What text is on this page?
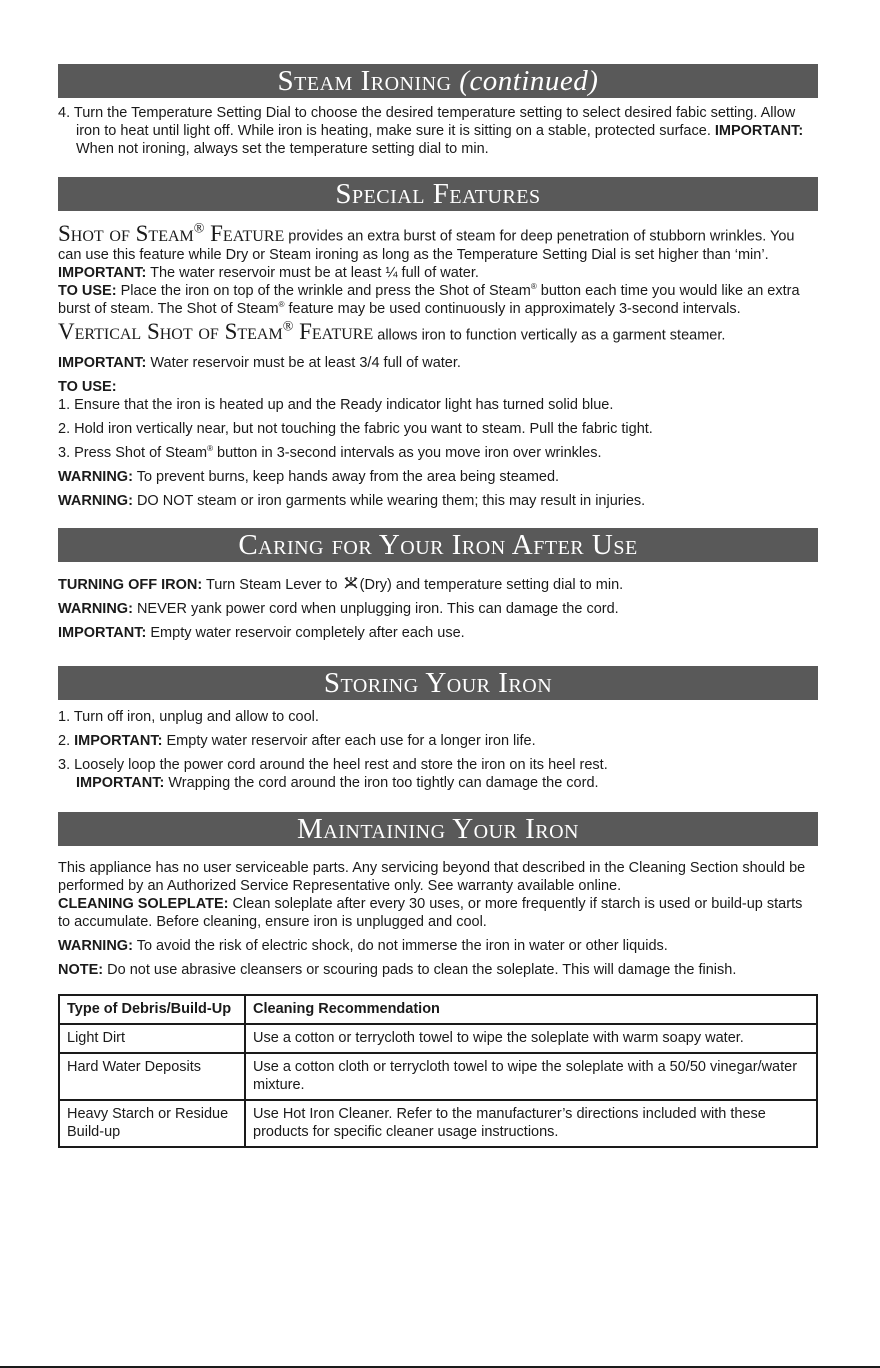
Steam Ironing (continued)

4. Turn the Temperature Setting Dial to choose the desired temperature setting to select desired fabic setting. Allow iron to heat until light off. While iron is heating, make sure it is sitting on a stable, protected surface. IMPORTANT: When not ironing, always set the temperature setting dial to min.

Special Features

Shot of Steam® Feature provides an extra burst of steam for deep penetration of stubborn wrinkles. You can use this feature while Dry or Steam ironing as long as the Temperature Setting Dial is set higher than ‘min’. IMPORTANT: The water reservoir must be at least ¼ full of water.

TO USE: Place the iron on top of the wrinkle and press the Shot of Steam® button each time you would like an extra burst of steam. The Shot of Steam® feature may be used continuously in approximately 3-second intervals.

Vertical Shot of Steam® Feature allows iron to function vertically as a garment steamer.

IMPORTANT: Water reservoir must be at least 3/4 full of water.

TO USE:

1. Ensure that the iron is heated up and the Ready indicator light has turned solid blue.

2. Hold iron vertically near, but not touching the fabric you want to steam. Pull the fabric tight.

3. Press Shot of Steam® button in 3-second intervals as you move iron over wrinkles.

WARNING: To prevent burns, keep hands away from the area being steamed.

WARNING: DO NOT steam or iron garments while wearing them; this may result in injuries.

Caring for Your Iron After Use

TURNING OFF IRON: Turn Steam Lever to (Dry) and temperature setting dial to min.

WARNING: NEVER yank power cord when unplugging iron. This can damage the cord.

IMPORTANT: Empty water reservoir completely after each use.

Storing Your Iron

1. Turn off iron, unplug and allow to cool.

2. IMPORTANT: Empty water reservoir after each use for a longer iron life.

3. Loosely loop the power cord around the heel rest and store the iron on its heel rest.

IMPORTANT: Wrapping the cord around the iron too tightly can damage the cord.

Maintaining Your Iron

This appliance has no user serviceable parts. Any servicing beyond that described in the Cleaning Section should be performed by an Authorized Service Representative only. See warranty available online.

CLEANING SOLEPLATE: Clean soleplate after every 30 uses, or more frequently if starch is used or build-up starts to accumulate. Before cleaning, ensure iron is unplugged and cool.

WARNING: To avoid the risk of electric shock, do not immerse the iron in water or other liquids.

NOTE: Do not use abrasive cleansers or scouring pads to clean the soleplate. This will damage the finish.

Type of Debris/Build-Up	Cleaning Recommendation
Light Dirt	Use a cotton or terrycloth towel to wipe the soleplate with warm soapy water.
Hard Water Deposits	Use a cotton cloth or terrycloth towel to wipe the soleplate with a 50/50 vinegar/water mixture.
Heavy Starch or Residue Build-up	Use Hot Iron Cleaner. Refer to the manufacturer’s directions included with these products for specific cleaner usage instructions.
